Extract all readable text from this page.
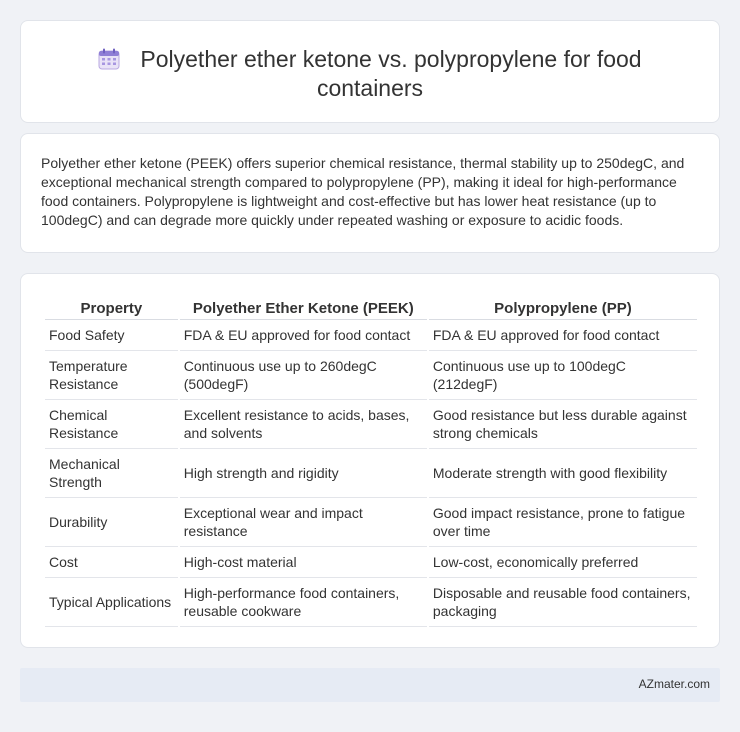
Polyether ether ketone vs. polypropylene for food containers

Polyether ether ketone (PEEK) offers superior chemical resistance, thermal stability up to 250degC, and exceptional mechanical strength compared to polypropylene (PP), making it ideal for high-performance food containers. Polypropylene is lightweight and cost-effective but has lower heat resistance (up to 100degC) and can degrade more quickly under repeated washing or exposure to acidic foods.

Property	Polyether Ether Ketone (PEEK)	Polypropylene (PP)
Food Safety	FDA & EU approved for food contact	FDA & EU approved for food contact
Temperature Resistance	Continuous use up to 260degC (500degF)	Continuous use up to 100degC (212degF)
Chemical Resistance	Excellent resistance to acids, bases, and solvents	Good resistance but less durable against strong chemicals
Mechanical Strength	High strength and rigidity	Moderate strength with good flexibility
Durability	Exceptional wear and impact resistance	Good impact resistance, prone to fatigue over time
Cost	High-cost material	Low-cost, economically preferred
Typical Applications	High-performance food containers, reusable cookware	Disposable and reusable food containers, packaging
AZmater.com
